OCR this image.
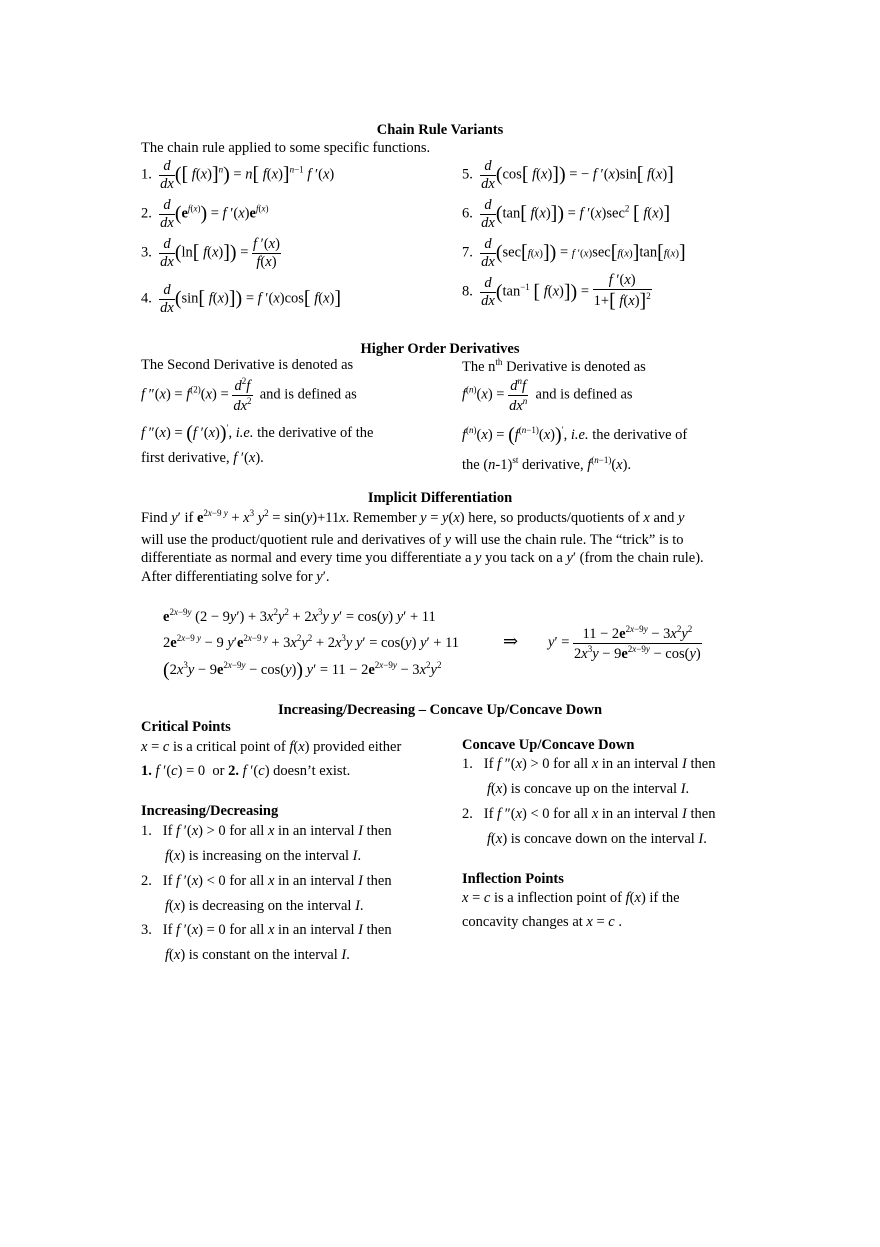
Chain Rule Variants
The chain rule applied to some specific functions.
1. $\frac{d}{dx}$ ([ f(x)]$^n$) = n[ f(x)]$^{n-1}$ f ′(x)
2. $\frac{d}{dx} (e^{f(x)}) = f$ $'(x)e^{f(x)}$
3. $\frac{d}{dx} (\ln$[ $f(x)]) = \frac{f '(x)}{f(x)}$
4. $\frac{d}{dx} (\sin$[ f(x)]) = f ′(x)cos[ f(x)]
5. $\frac{d}{dx} (\cos$[ f(x)]) = − f ′(x)sin[ f(x)]
6. $\frac{d}{dx} (\tan$[ f(x)]) = f $'(x)\sec^2$ [ f(x)]
7. $\frac{d}{dx} (\sec[f(x)]) = f$ ′(x)sec[f(x)]tan[f(x)]
8. $\frac{d}{dx} (\tan^{-1}$ [ $f(x)]) = \frac{f '(x)}{1+[ f(x)]^2}$
Higher Order Derivatives
The Second Derivative is denoted as	The $n^{th}$ Derivative is denoted as
f $''(x) = f^{(2)}(x) = \frac{d^2f}{dx^2}$ and is defined as	$f^{(n)}(x) = \frac{d^nf}{dx^n}$ and is defined as
f ″(x) = (f ′(x))′, i.e. the derivative of the
first derivative, f ′(x).
$f^{(n)}(x) = (f^{(n-1)}(x))'$, i.e. the derivative of
the $(n-1)^{st}$ derivative, $f^{(n-1)}(x)$.
Implicit Differentiation
Find y′ if $e^{2x-9 y} + x^3$ $y^2 = \sin(y)+11x$. Remember y = y(x) here, so products/quotients of x and y
will use the product/quotient rule and derivatives of y will use the chain rule. The “trick” is to
differentiate as normal and every time you differentiate a y you tack on a y′ (from the chain rule).
After differentiating solve for y′.
$e^{2x-9y}$ $(2 - 9y') + 3x^2y^2 + 2x^3y$ y′ = cos(y) y′ + 11
$2e^{2x-9 y} - 9$ $y'e^{2x-9 y} + 3x^2y^2 + 2x^3y$ y′ = cos(y) y′ + 11
$(2x^3y - 9e^{2x-9y} - \cos(y)) y' = 11 - 2e^{2x-9y} - 3x^2y^2$
⇒ $y' = \frac{11 - 2e^{2x-9y} - 3x^2y^2}{2x^3y - 9e^{2x-9y} - \cos(y)}$
Increasing/Decreasing – Concave Up/Concave Down
Critical Points
x = c is a critical point of f(x) provided either
1. f ′(c) = 0  or 2. f ′(c) doesn’t exist.
Increasing/Decreasing
1. If f ′(x) > 0 for all x in an interval I then
f(x) is increasing on the interval I.
2. If f ′(x) < 0 for all x in an interval I then
f(x) is decreasing on the interval I.
3. If f ′(x) = 0 for all x in an interval I then
f(x) is constant on the interval I.
Concave Up/Concave Down
1. If f ″(x) > 0 for all x in an interval I then
f(x) is concave up on the interval I.
2. If f ″(x) < 0 for all x in an interval I then
f(x) is concave down on the interval I.
Inflection Points
x = c is a inflection point of f(x) if the
concavity changes at x = c .
